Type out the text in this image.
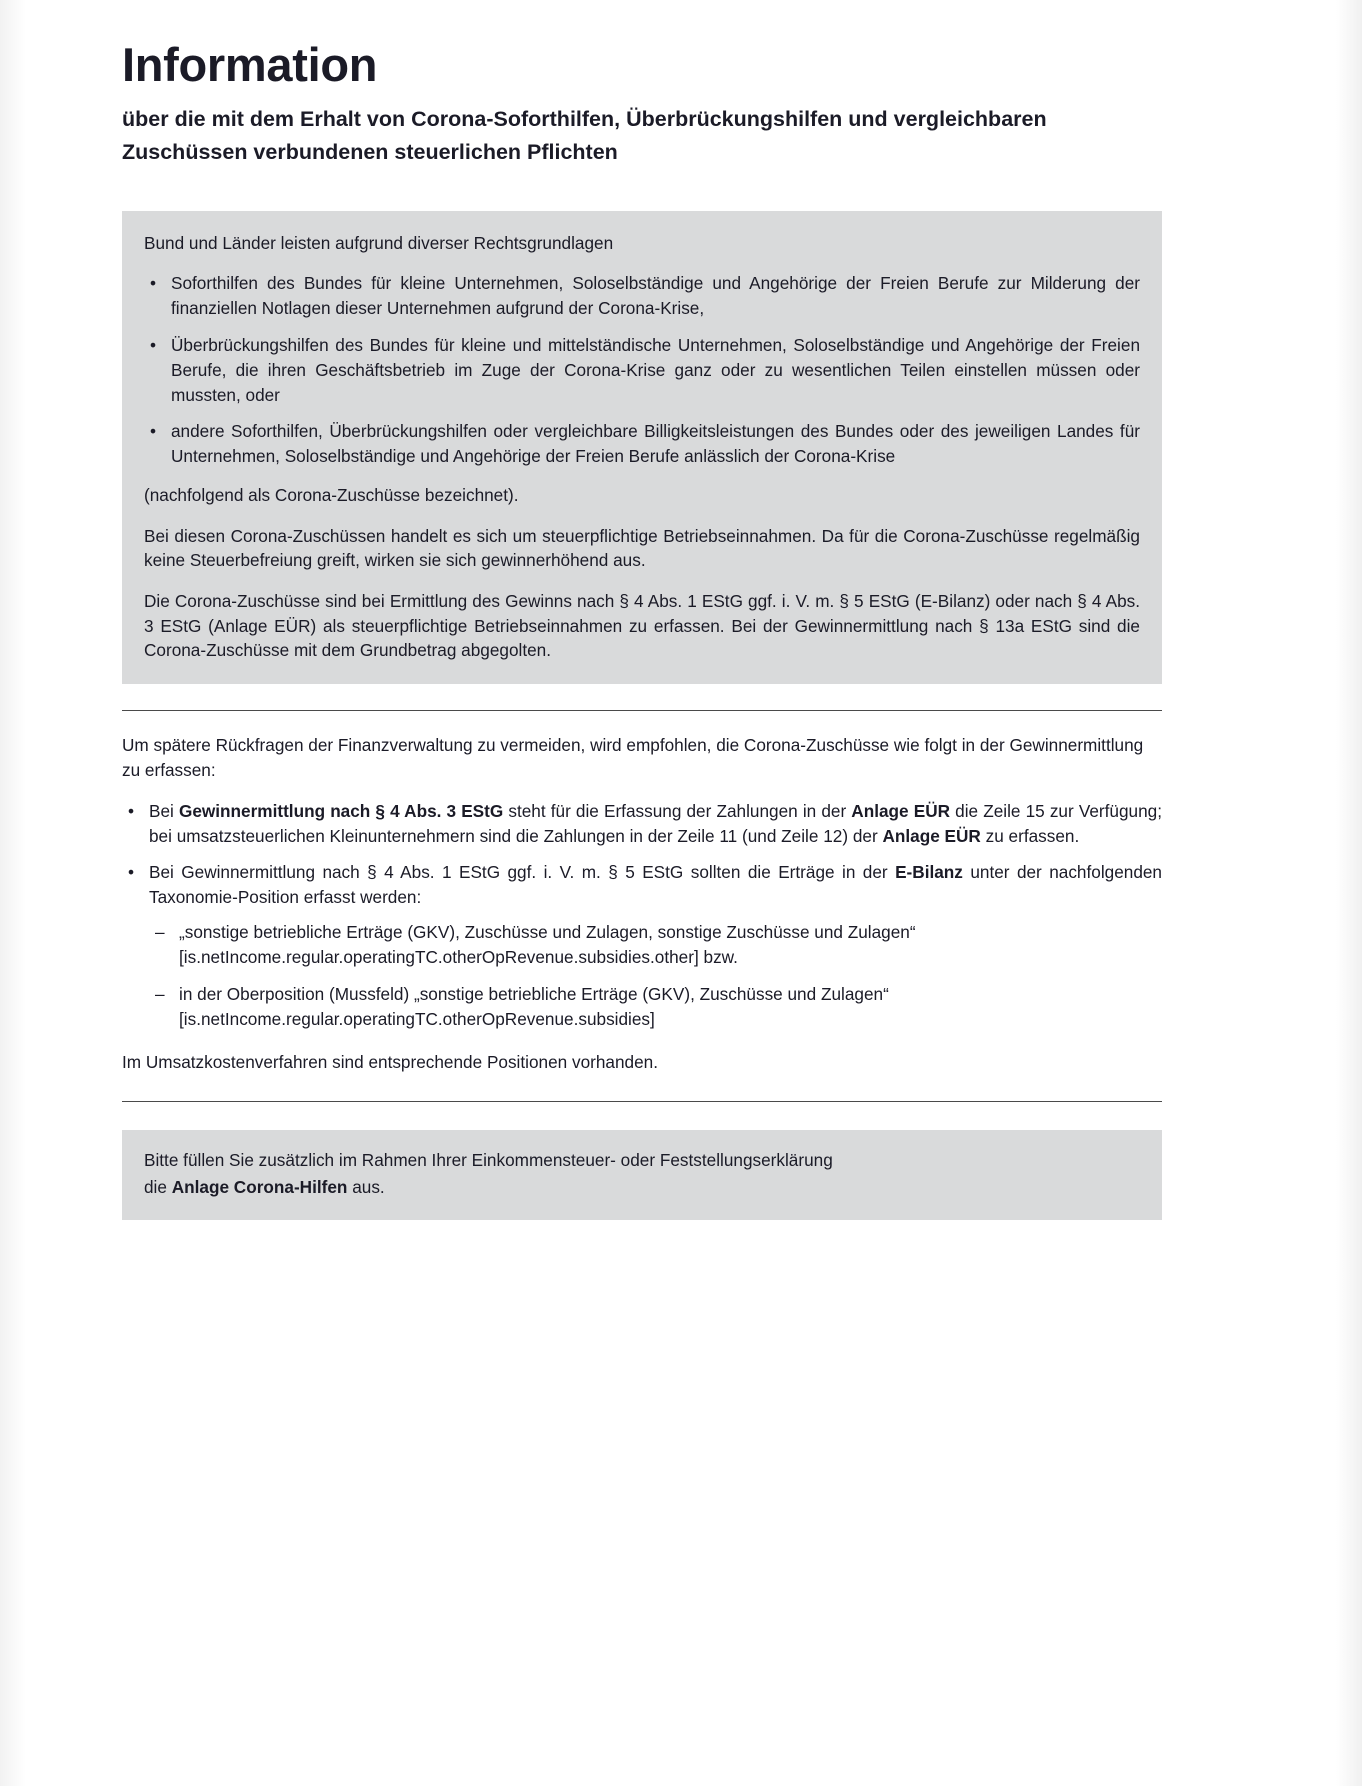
Information

über die mit dem Erhalt von Corona-Soforthilfen, Überbrückungshilfen und vergleichbaren Zuschüssen verbundenen steuerlichen Pflichten

Bund und Länder leisten aufgrund diverser Rechtsgrundlagen

• Soforthilfen des Bundes für kleine Unternehmen, Soloselbständige und Angehörige der Freien Berufe zur Milderung der finanziellen Notlagen dieser Unternehmen aufgrund der Corona-Krise,
• Überbrückungshilfen des Bundes für kleine und mittelständische Unternehmen, Soloselbständige und Angehörige der Freien Berufe, die ihren Geschäftsbetrieb im Zuge der Corona-Krise ganz oder zu wesentlichen Teilen einstellen müssen oder mussten, oder
• andere Soforthilfen, Überbrückungshilfen oder vergleichbare Billigkeitsleistungen des Bundes oder des jeweiligen Landes für Unternehmen, Soloselbständige und Angehörige der Freien Berufe anlässlich der Corona-Krise

(nachfolgend als Corona-Zuschüsse bezeichnet).

Bei diesen Corona-Zuschüssen handelt es sich um steuerpflichtige Betriebseinnahmen. Da für die Corona-Zuschüsse regelmäßig keine Steuerbefreiung greift, wirken sie sich gewinnerhöhend aus.

Die Corona-Zuschüsse sind bei Ermittlung des Gewinns nach § 4 Abs. 1 EStG ggf. i. V. m. § 5 EStG (E-Bilanz) oder nach § 4 Abs. 3 EStG (Anlage EÜR) als steuerpflichtige Betriebseinnahmen zu erfassen. Bei der Gewinnermittlung nach § 13a EStG sind die Corona-Zuschüsse mit dem Grundbetrag abgegolten.

Um spätere Rückfragen der Finanzverwaltung zu vermeiden, wird empfohlen, die Corona-Zuschüsse wie folgt in der Gewinnermittlung zu erfassen:

• Bei Gewinnermittlung nach § 4 Abs. 3 EStG steht für die Erfassung der Zahlungen in der Anlage EÜR die Zeile 15 zur Verfügung; bei umsatzsteuerlichen Kleinunternehmern sind die Zahlungen in der Zeile 11 (und Zeile 12) der Anlage EÜR zu erfassen.
• Bei Gewinnermittlung nach § 4 Abs. 1 EStG ggf. i. V. m. § 5 EStG sollten die Erträge in der E-Bilanz unter der nachfolgenden Taxonomie-Position erfasst werden:
– „sonstige betriebliche Erträge (GKV), Zuschüsse und Zulagen, sonstige Zuschüsse und Zulagen“
[is.netIncome.regular.operatingTC.otherOpRevenue.subsidies.other] bzw.
– in der Oberposition (Mussfeld) „sonstige betriebliche Erträge (GKV), Zuschüsse und Zulagen“
[is.netIncome.regular.operatingTC.otherOpRevenue.subsidies]

Im Umsatzkostenverfahren sind entsprechende Positionen vorhanden.

Bitte füllen Sie zusätzlich im Rahmen Ihrer Einkommensteuer- oder Feststellungserklärung

die Anlage Corona-Hilfen aus.
